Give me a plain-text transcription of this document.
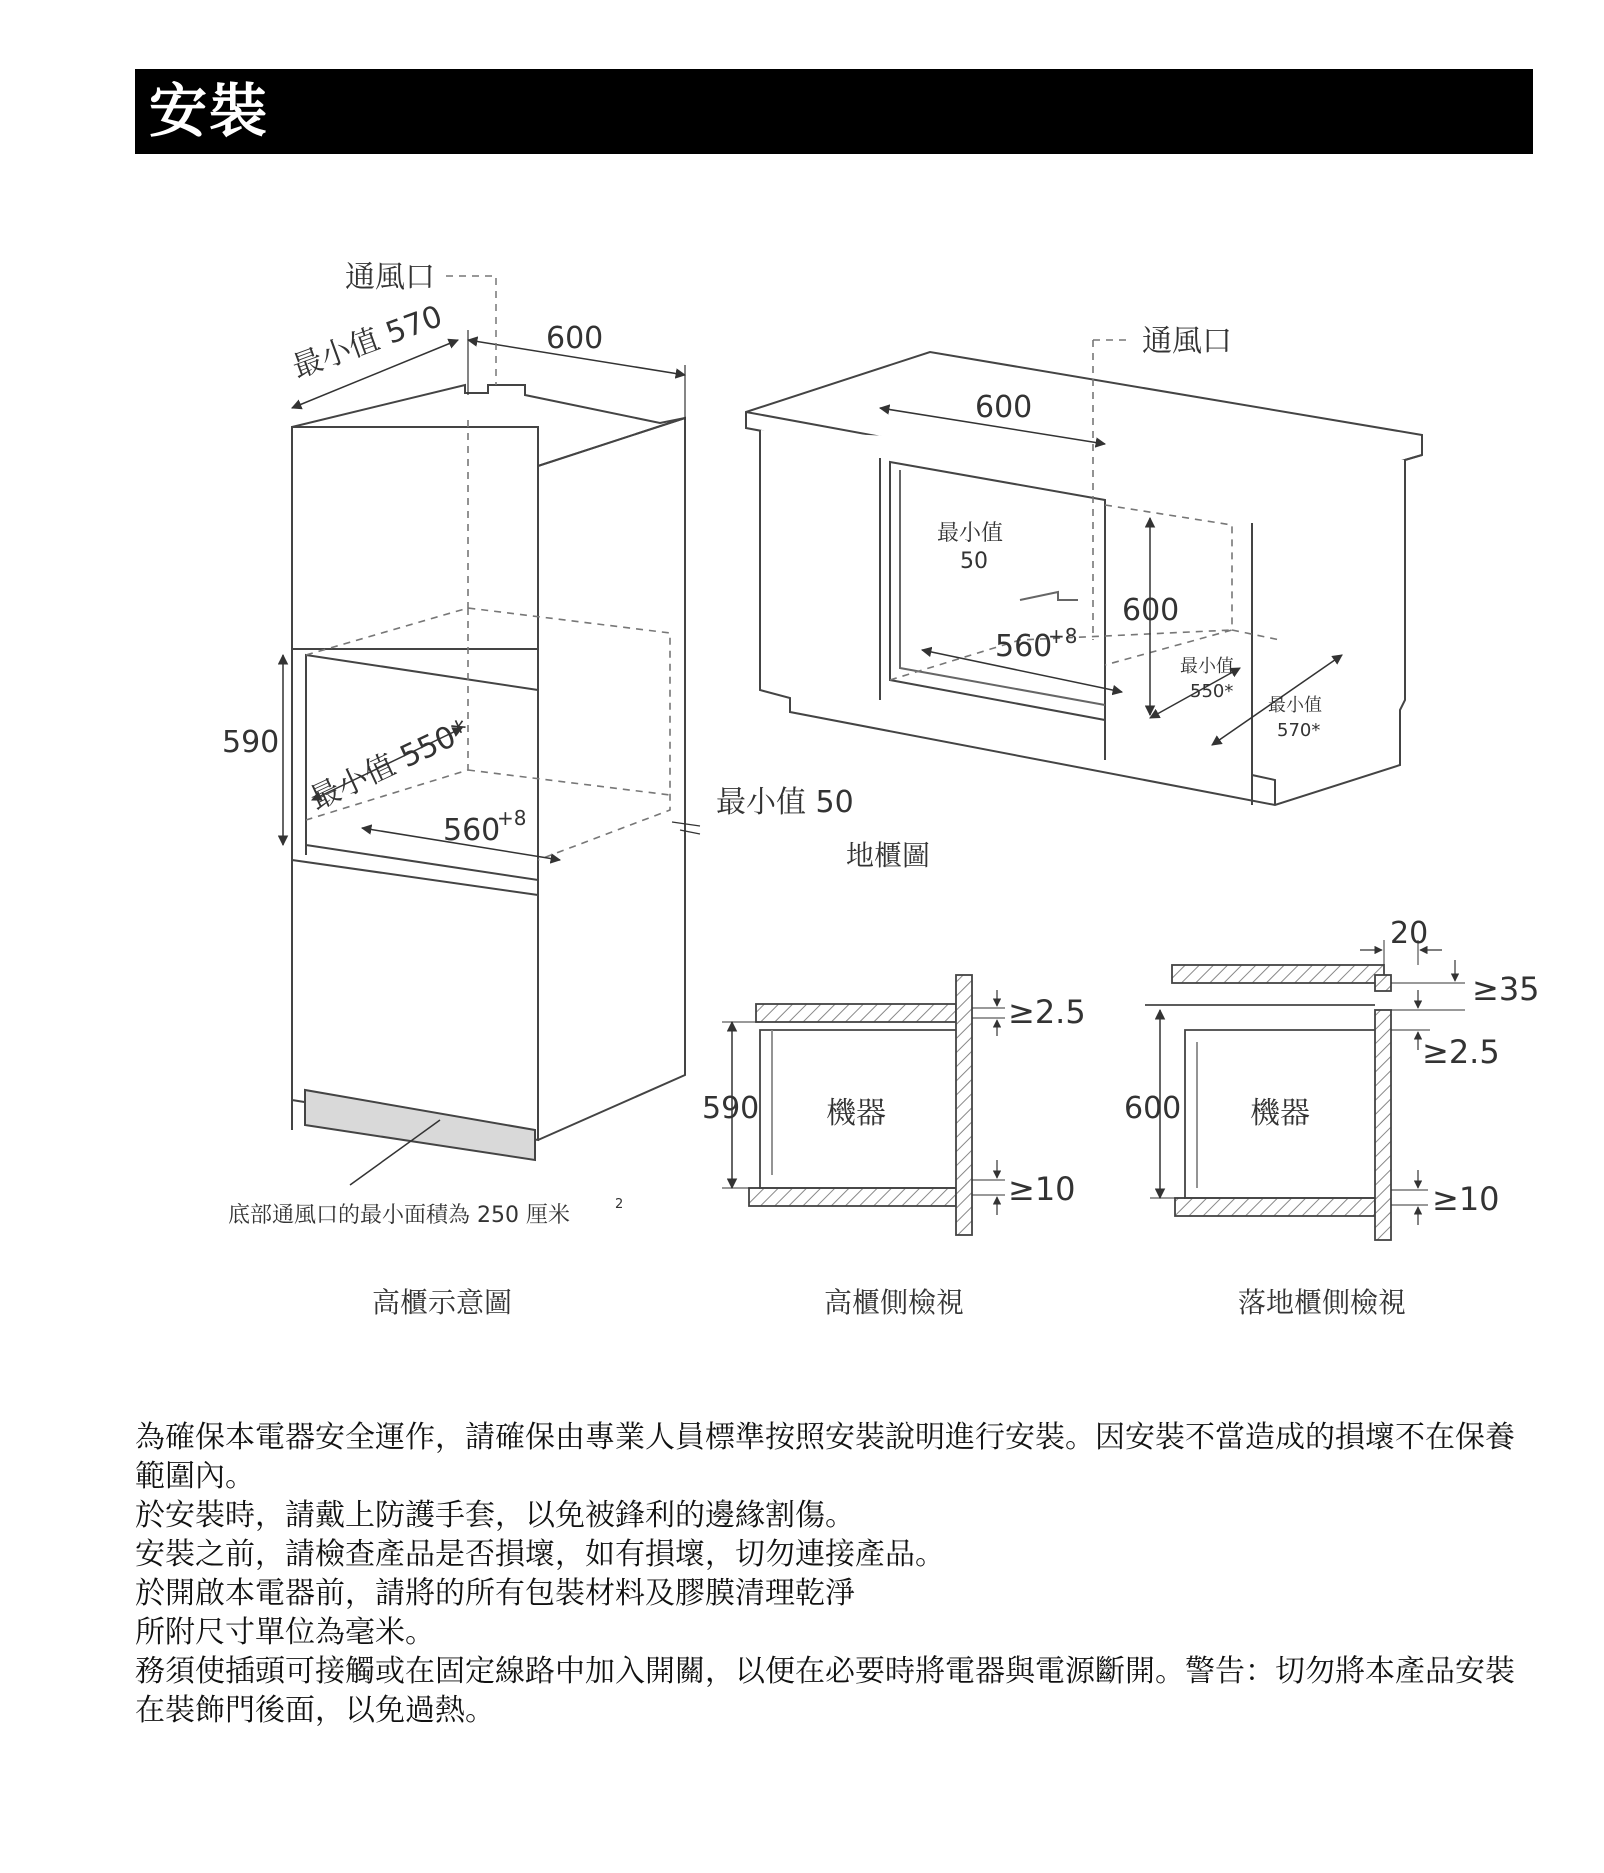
安裝
通風口
最小值 570	600
590 最小值 550*
560
+8	最小值 50
底部通風口的最小面積為 250 厘米	2
高櫃示意圖
通風口
600
最小值
50
600
560
+8
最小值
550*
最小值
570*
地櫃圖
590 機器
≥2.5
≥10
高櫃側檢視
20
≥35
≥2.5
600 機器
≥10
落地櫃側檢視

為確保本電器安全運作，請確保由專業人員標準按照安裝說明進行安裝。因安裝不當造成的損壞不在保養範圍內。

於安裝時，請戴上防護手套，以免被鋒利的邊緣割傷。

安裝之前，請檢查產品是否損壞，如有損壞，切勿連接產品。

於開啟本電器前，請將的所有包裝材料及膠膜清理乾淨

所附尺寸單位為毫米。

務須使插頭可接觸或在固定線路中加入開關，以便在必要時將電器與電源斷開。警告：切勿將本產品安裝在裝飾門後面，以免過熱。
